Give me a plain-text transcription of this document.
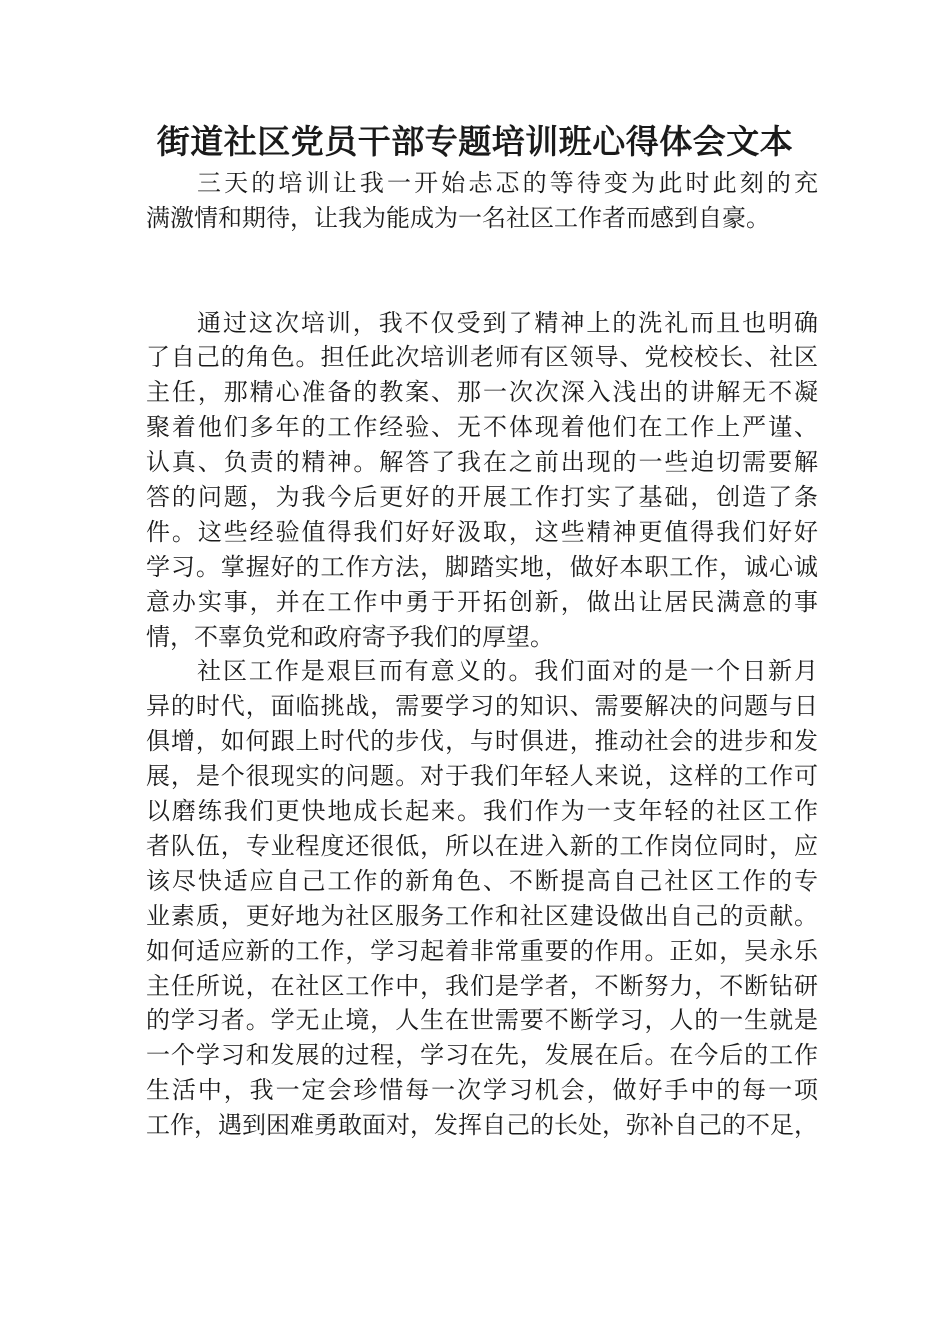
街道社区党员干部专题培训班心得体会文本
三天的培训让我一开始忐忑的等待变为此时此刻的充
满激情和期待，让我为能成为一名社区工作者而感到自豪。
通过这次培训，我不仅受到了精神上的洗礼而且也明确
了自己的角色。担任此次培训老师有区领导、党校校长、社区
主任，那精心准备的教案、那一次次深入浅出的讲解无不凝
聚着他们多年的工作经验、无不体现着他们在工作上严谨、
认真、负责的精神。解答了我在之前出现的一些迫切需要解
答的问题，为我今后更好的开展工作打实了基础，创造了条
件。这些经验值得我们好好汲取，这些精神更值得我们好好
学习。掌握好的工作方法，脚踏实地，做好本职工作，诚心诚
意办实事，并在工作中勇于开拓创新，做出让居民满意的事
情，不辜负党和政府寄予我们的厚望。
社区工作是艰巨而有意义的。我们面对的是一个日新月
异的时代，面临挑战，需要学习的知识、需要解决的问题与日
俱增，如何跟上时代的步伐，与时俱进，推动社会的进步和发
展，是个很现实的问题。对于我们年轻人来说，这样的工作可
以磨练我们更快地成长起来。我们作为一支年轻的社区工作
者队伍，专业程度还很低，所以在进入新的工作岗位同时，应
该尽快适应自己工作的新角色、不断提高自己社区工作的专
业素质，更好地为社区服务工作和社区建设做出自己的贡献。
如何适应新的工作，学习起着非常重要的作用。正如，吴永乐
主任所说，在社区工作中，我们是学者，不断努力，不断钻研
的学习者。学无止境，人生在世需要不断学习，人的一生就是
一个学习和发展的过程，学习在先，发展在后。在今后的工作
生活中，我一定会珍惜每一次学习机会，做好手中的每一项
工作，遇到困难勇敢面对，发挥自己的长处，弥补自己的不足，
